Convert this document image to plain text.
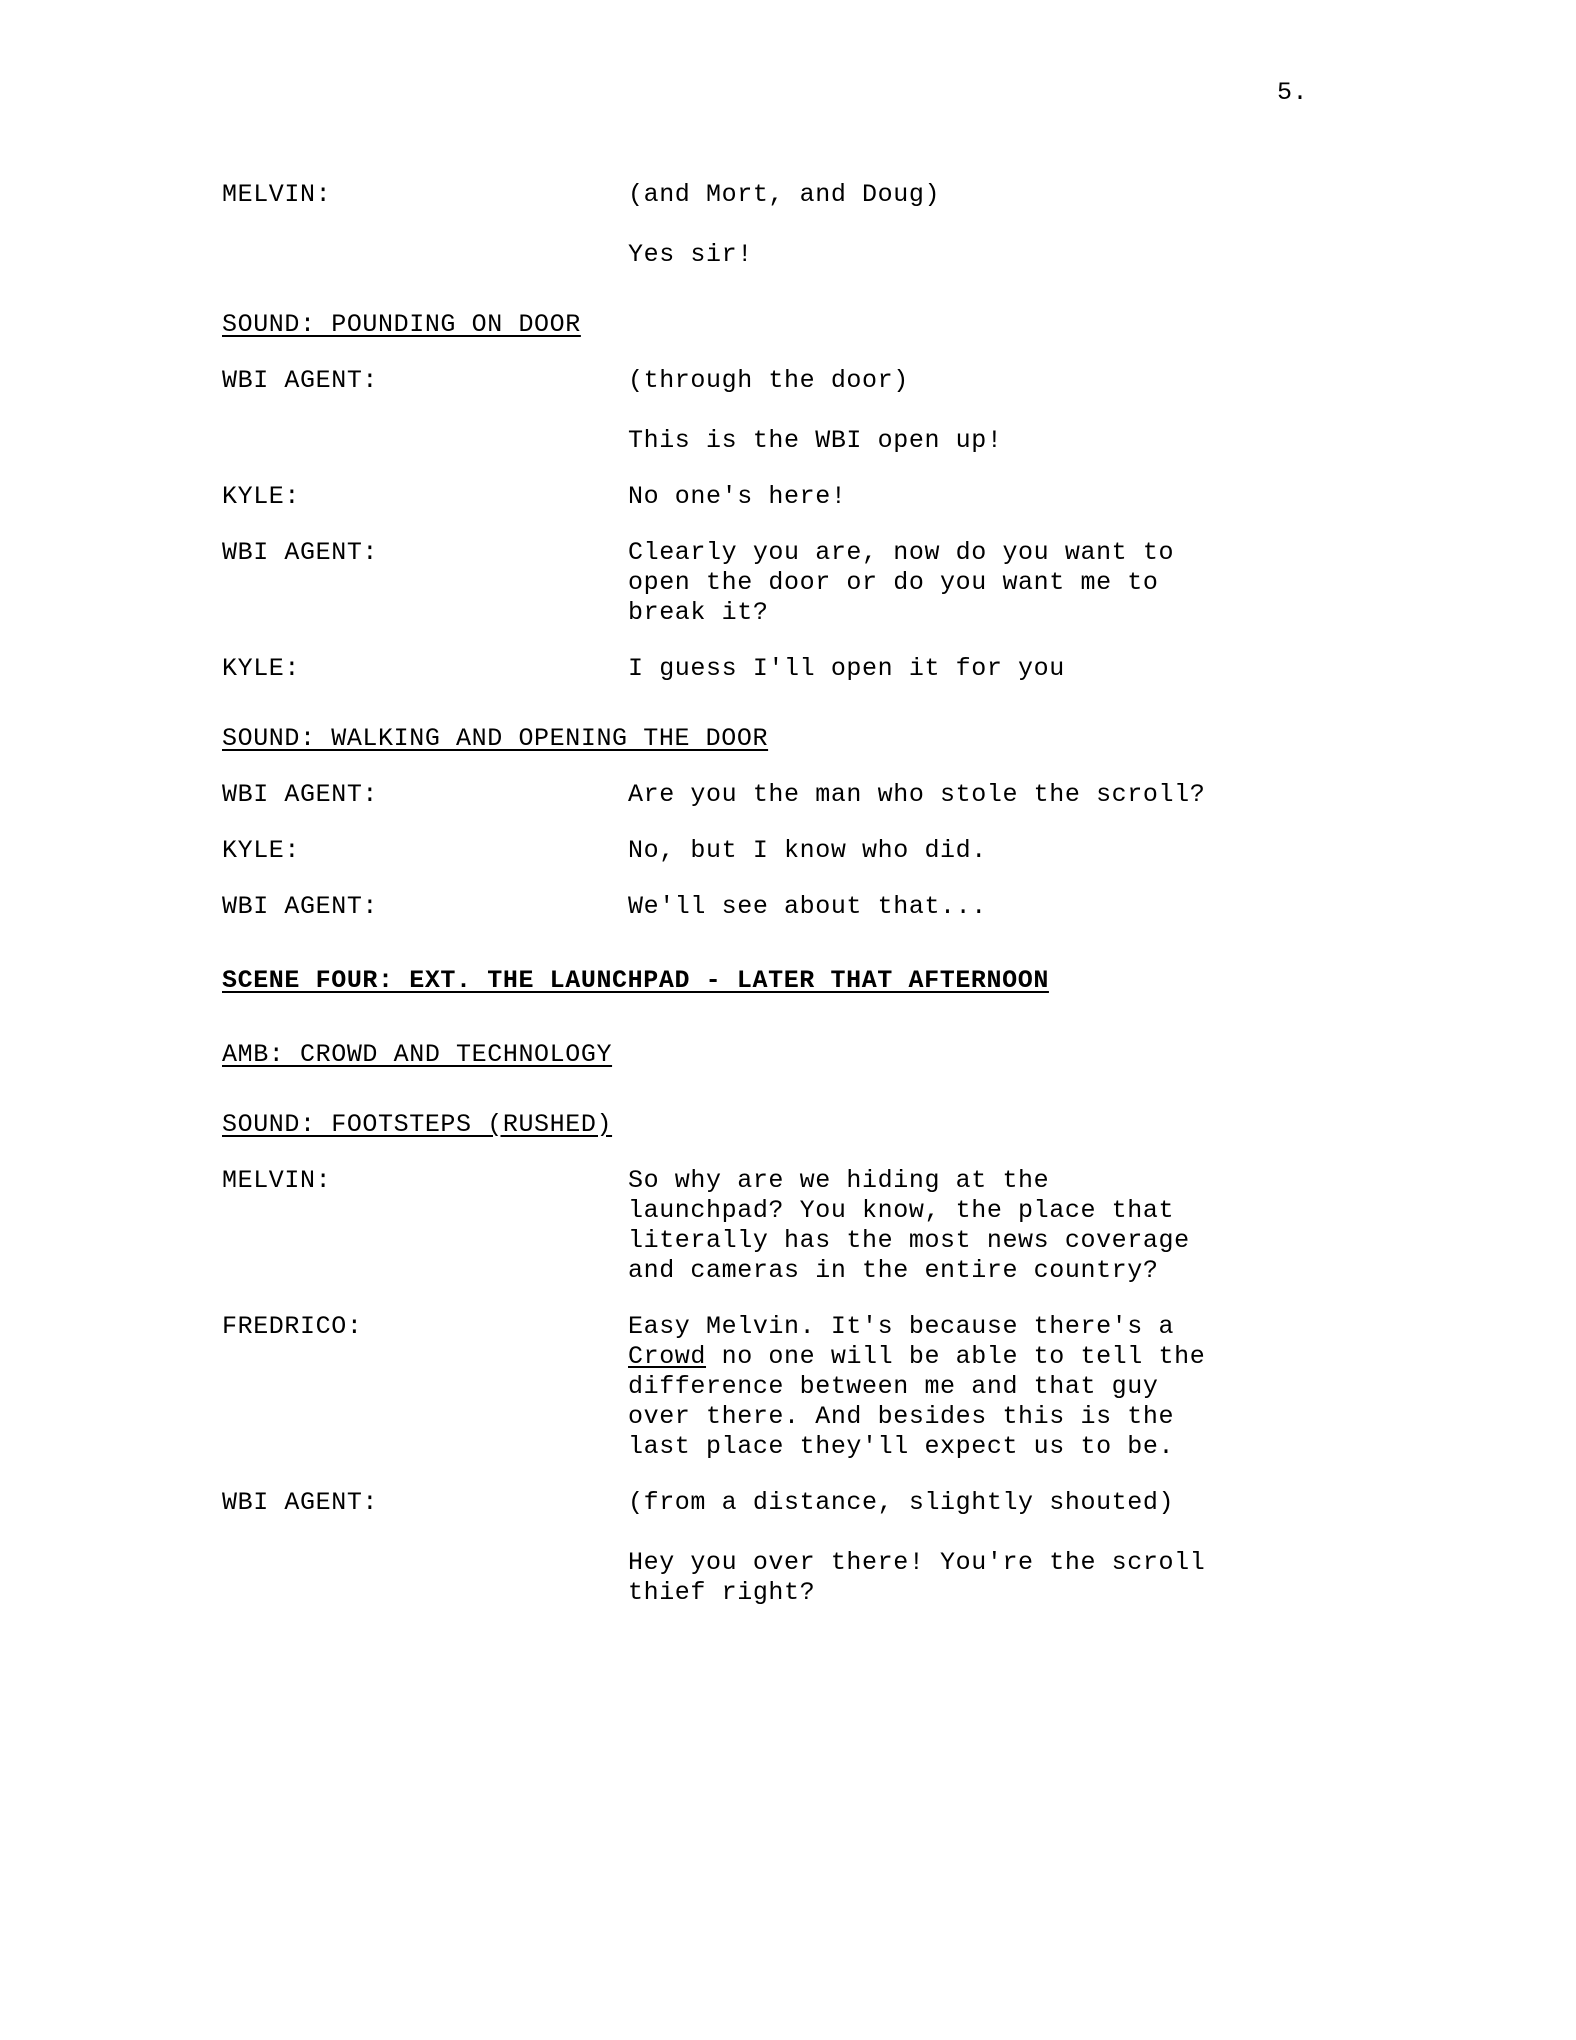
5.
MELVIN:	(and Mort, and Doug)
Yes sir!
SOUND: POUNDING ON DOOR
WBI AGENT:	(through the door)
This is the WBI open up!
KYLE:	No one's here!
WBI AGENT:	Clearly you are, now do you want to
open the door or do you want me to
break it?
KYLE:	I guess I'll open it for you
SOUND: WALKING AND OPENING THE DOOR
WBI AGENT:	Are you the man who stole the scroll?
KYLE:	No, but I know who did.
WBI AGENT:	We'll see about that...
SCENE FOUR: EXT. THE LAUNCHPAD - LATER THAT AFTERNOON
AMB: CROWD AND TECHNOLOGY
SOUND: FOOTSTEPS (RUSHED)
MELVIN:	So why are we hiding at the
launchpad? You know, the place that
literally has the most news coverage
and cameras in the entire country?
FREDRICO:	Easy Melvin. It's because there's a
Crowd no one will be able to tell the
difference between me and that guy
over there. And besides this is the
last place they'll expect us to be.
WBI AGENT:	(from a distance, slightly shouted)
Hey you over there! You're the scroll
thief right?
